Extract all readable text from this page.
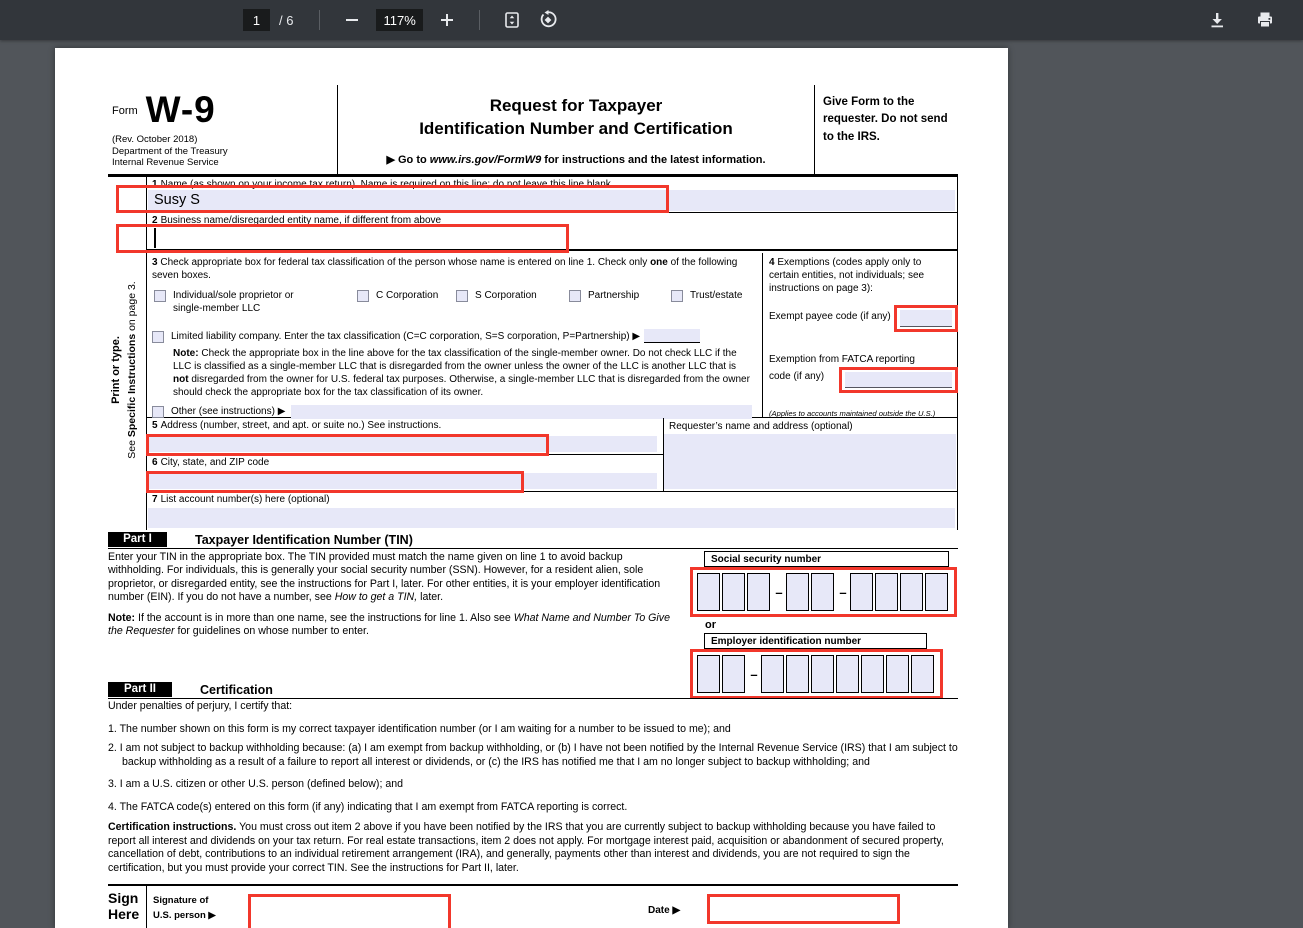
1	/ 6	117%
$^{Form}$ W-9
(Rev. October 2018)
Department of the Treasury
Internal Revenue Service
Request for Taxpayer
Identification Number and Certification
▶ Go to www.irs.gov/FormW9 for instructions and the latest information.
Give Form to the requester. Do not send to the IRS.
Print or type.
See Specific Instructions on page 3.
1 Name (as shown on your income tax return). Name is required on this line; do not leave this line blank.
Susy S
2 Business name/disregarded entity name, if different from above
3 Check appropriate box for federal tax classification of the person whose name is entered on line 1. Check only one of the following seven boxes.
Individual/sole proprietor or single-member LLC
C Corporation	S Corporation	Partnership	Trust/estate
Limited liability company. Enter the tax classification (C=C corporation, S=S corporation, P=Partnership) ▶
Note: Check the appropriate box in the line above for the tax classification of the single-member owner. Do not check LLC if the LLC is classified as a single-member LLC that is disregarded from the owner unless the owner of the LLC is another LLC that is not disregarded from the owner for U.S. federal tax purposes. Otherwise, a single-member LLC that is disregarded from the owner should check the appropriate box for the tax classification of its owner.
Other (see instructions) ▶
4 Exemptions (codes apply only to certain entities, not individuals; see instructions on page 3):
Exempt payee code (if any)
Exemption from FATCA reporting
code (if any)
(Applies to accounts maintained outside the U.S.)
5 Address (number, street, and apt. or suite no.) See instructions.
6 City, state, and ZIP code
Requester’s name and address (optional)
7 List account number(s) here (optional)
Part I	Taxpayer Identification Number (TIN)
Enter your TIN in the appropriate box. The TIN provided must match the name given on line 1 to avoid backup withholding. For individuals, this is generally your social security number (SSN). However, for a resident alien, sole proprietor, or disregarded entity, see the instructions for Part I, later. For other entities, it is your employer identification number (EIN). If you do not have a number, see How to get a TIN, later.
Note: If the account is in more than one name, see the instructions for line 1. Also see What Name and Number To Give the Requester for guidelines on whose number to enter.
Social security number
–	–
or
Employer identification number
–
Part II	Certification
Under penalties of perjury, I certify that:
1. The number shown on this form is my correct taxpayer identification number (or I am waiting for a number to be issued to me); and
2. I am not subject to backup withholding because: (a) I am exempt from backup withholding, or (b) I have not been notified by the Internal Revenue Service (IRS) that I am subject to backup withholding as a result of a failure to report all interest or dividends, or (c) the IRS has notified me that I am no longer subject to backup withholding; and
3. I am a U.S. citizen or other U.S. person (defined below); and
4. The FATCA code(s) entered on this form (if any) indicating that I am exempt from FATCA reporting is correct.
Certification instructions. You must cross out item 2 above if you have been notified by the IRS that you are currently subject to backup withholding because you have failed to report all interest and dividends on your tax return. For real estate transactions, item 2 does not apply. For mortgage interest paid, acquisition or abandonment of secured property, cancellation of debt, contributions to an individual retirement arrangement (IRA), and generally, payments other than interest and dividends, you are not required to sign the certification, but you must provide your correct TIN. See the instructions for Part II, later.
Sign
Here
Signature of
U.S. person ▶	Date ▶
